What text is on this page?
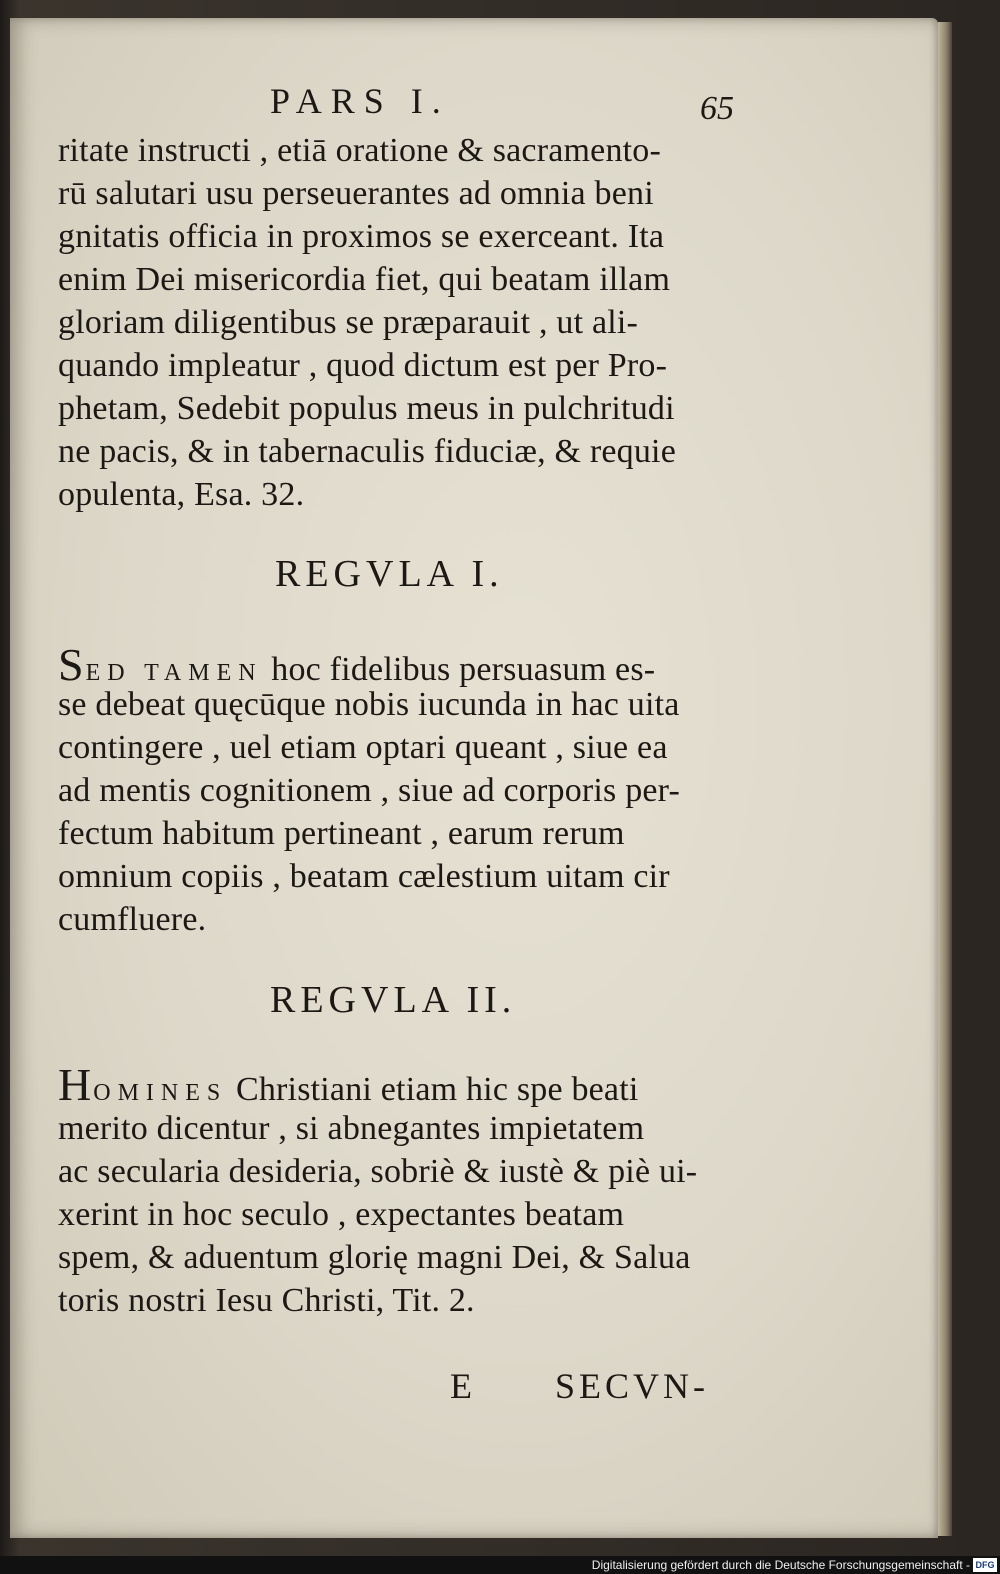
PARS I.	65
ritate instructi , etiā oratione & sacramento-
rū salutari usu perseuerantes ad omnia beni
gnitatis officia in proximos se exerceant. Ita
enim Dei misericordia fiet, qui beatam illam
gloriam diligentibus se præparauit , ut ali-
quando impleatur , quod dictum est per Pro-
phetam, Sedebit populus meus in pulchritudi
ne pacis, & in tabernaculis fiduciæ, & requie
opulenta, Esa. 32.
REGVLA I.
SED TAMEN hoc fidelibus persuasum es-
se debeat quęcūque nobis iucunda in hac uita
contingere , uel etiam optari queant , siue ea
ad mentis cognitionem , siue ad corporis per-
fectum habitum pertineant , earum rerum
omnium copiis , beatam cælestium uitam cir
cumfluere.
REGVLA II.
HOMINES Christiani etiam hic spe beati
merito dicentur , si abnegantes impietatem
ac secularia desideria, sobriè & iustè & piè ui-
xerint in hoc seculo , expectantes beatam
spem, & aduentum glorię magni Dei, & Salua
toris nostri Iesu Christi, Tit. 2.
E SECVN-
Digitalisierung gefördert durch die Deutsche Forschungsgemeinschaft - DFG
